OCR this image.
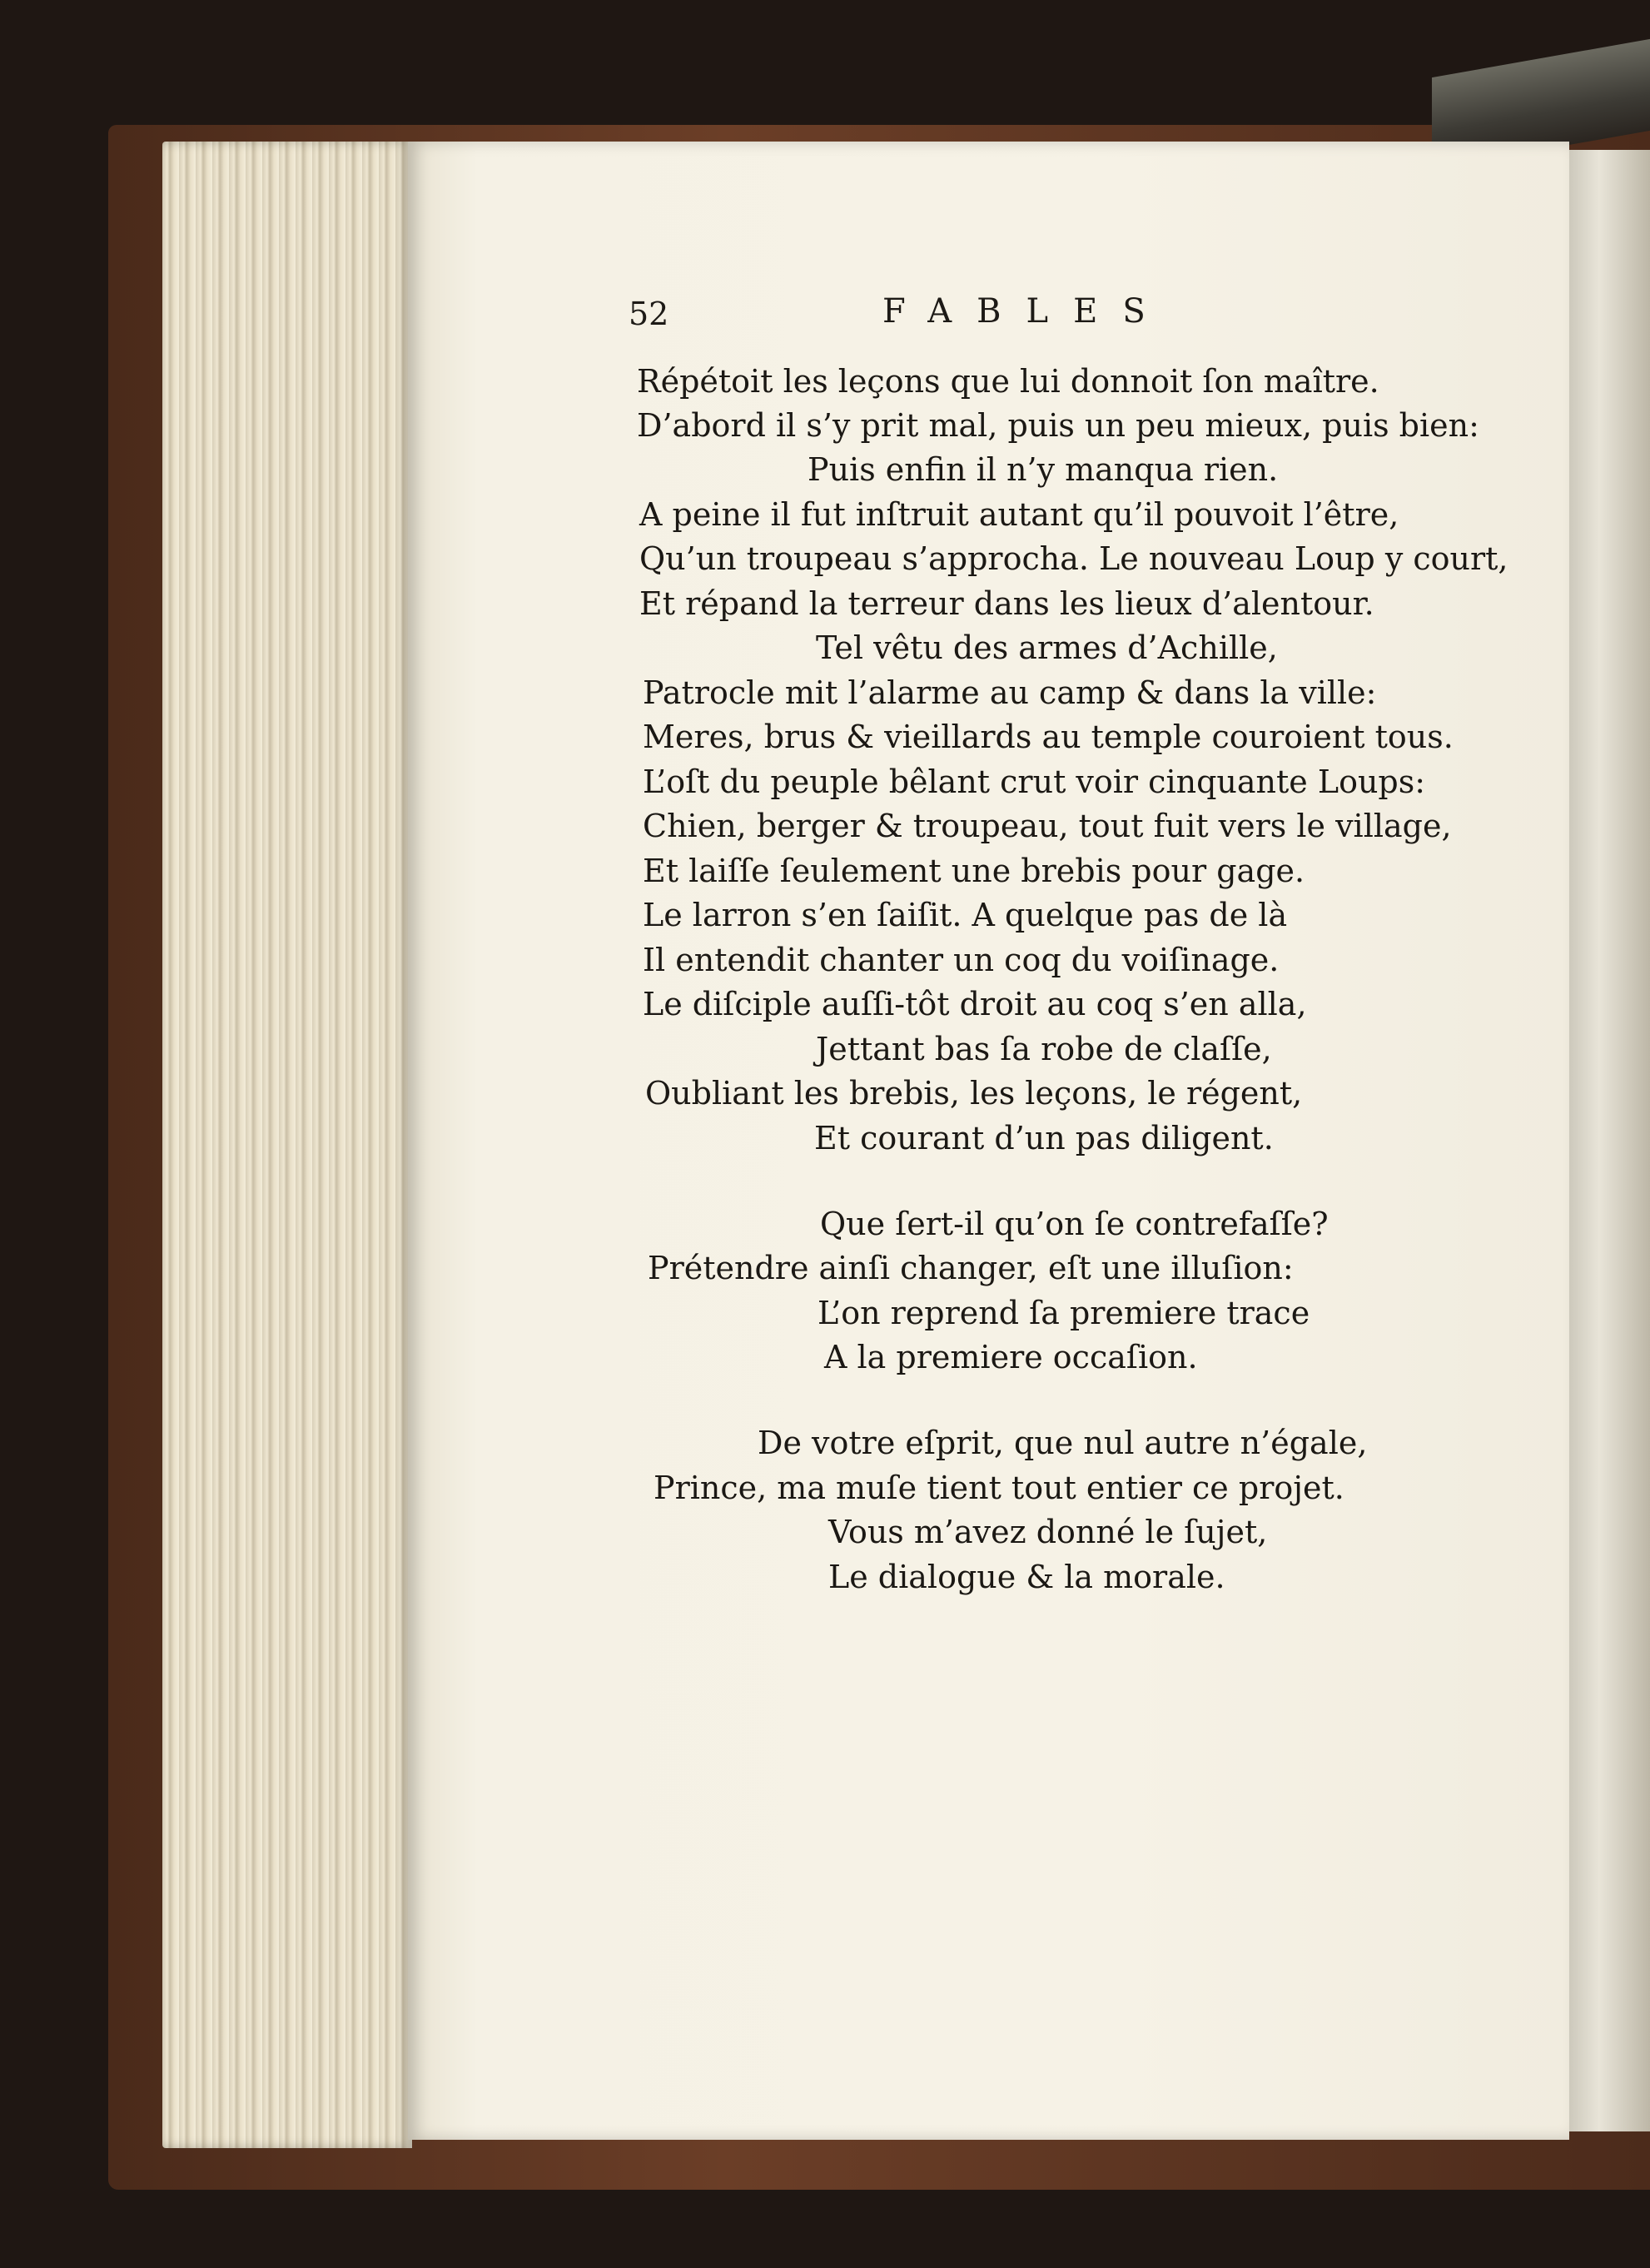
52	FABLES
Répétoit les leçons que lui donnoit ſon maître.
D’abord il s’y prit mal, puis un peu mieux, puis bien:
Puis enfin il n’y manqua rien.
A peine il fut inſtruit autant qu’il pouvoit l’être,
Qu’un troupeau s’approcha. Le nouveau Loup y court,
Et répand la terreur dans les lieux d’alentour.
Tel vêtu des armes d’Achille,
Patrocle mit l’alarme au camp & dans la ville:
Meres, brus & vieillards au temple couroient tous.
L’oſt du peuple bêlant crut voir cinquante Loups:
Chien, berger & troupeau, tout fuit vers le village,
Et laiſſe ſeulement une brebis pour gage.
Le larron s’en ſaiſit. A quelque pas de là
Il entendit chanter un coq du voiſinage.
Le diſciple auſſi-tôt droit au coq s’en alla,
Jettant bas ſa robe de claſſe,
Oubliant les brebis, les leçons, le régent,
Et courant d’un pas diligent.
Que ſert-il qu’on ſe contrefaſſe?
Prétendre ainſi changer, eſt une illuſion:
L’on reprend ſa premiere trace
A la premiere occaſion.
De votre eſprit, que nul autre n’égale,
Prince, ma muſe tient tout entier ce projet.
Vous m’avez donné le ſujet,
Le dialogue & la morale.
